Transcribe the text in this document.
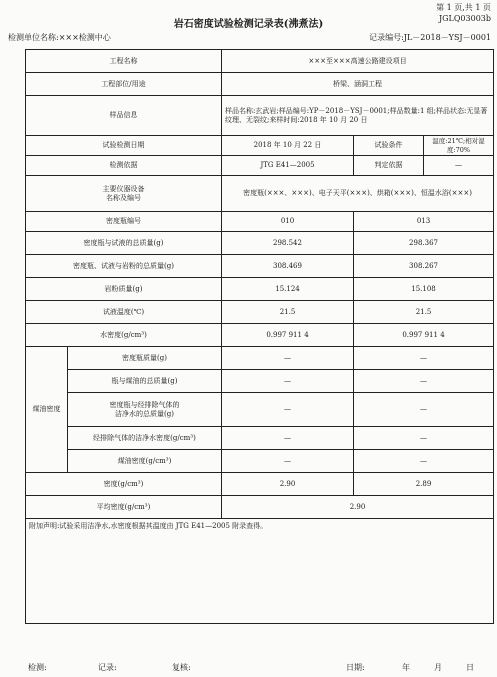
第 1 页,共 1 页
JGLQ03003b
岩石密度试验检测记录表(沸煮法)
检测单位名称:×××检测中心	记录编号:JL－2018－YSJ－0001
工程名称		×××至×××高速公路建设项目		
工程部位/用途		桥梁、涵洞工程		
样品信息		样品名称:玄武岩;样品编号:YP－2018－YSJ－0001;样品数量:1 组;样品状态:无显著纹理、无裂纹;来样时间:2018 年 10 月 20 日		
试验检测日期		2018 年 10 月 22 日	试验条件	温度:21℃;相对湿度:70%
检测依据		JTG E41—2005	判定依据	—

主要仪器设备
名称及编号		密度瓶(×××、×××)、电子天平(×××)、烘箱(×××)、恒温水浴(×××)		
密度瓶编号		010	013	
密度瓶与试液的总质量(g)		298.542	298.367	
密度瓶、试液与岩粉的总质量(g)		308.469	308.267	
岩粉质量(g)		15.124	15.108	
试液温度(℃)		21.5	21.5	
水密度(g/cm³)		0.997 911 4	0.997 911 4	
煤油密度	密度瓶质量(g)	—	—	
	瓶与煤油的总质量(g)	—	—	

	密度瓶与经排除气体的
洁净水的总质量(g)	—	—	
	经排除气体的洁净水密度(g/cm³)	—	—	
	煤油密度(g/cm³)	—	—	
密度(g/cm³)		2.90	2.89	
平均密度(g/cm³)		2.90		
附加声明:试验采用洁净水,水密度根据其温度由 JTG E41—2005 附录查得。				
检测:	记录:	复核:	日期:	年	月	日
